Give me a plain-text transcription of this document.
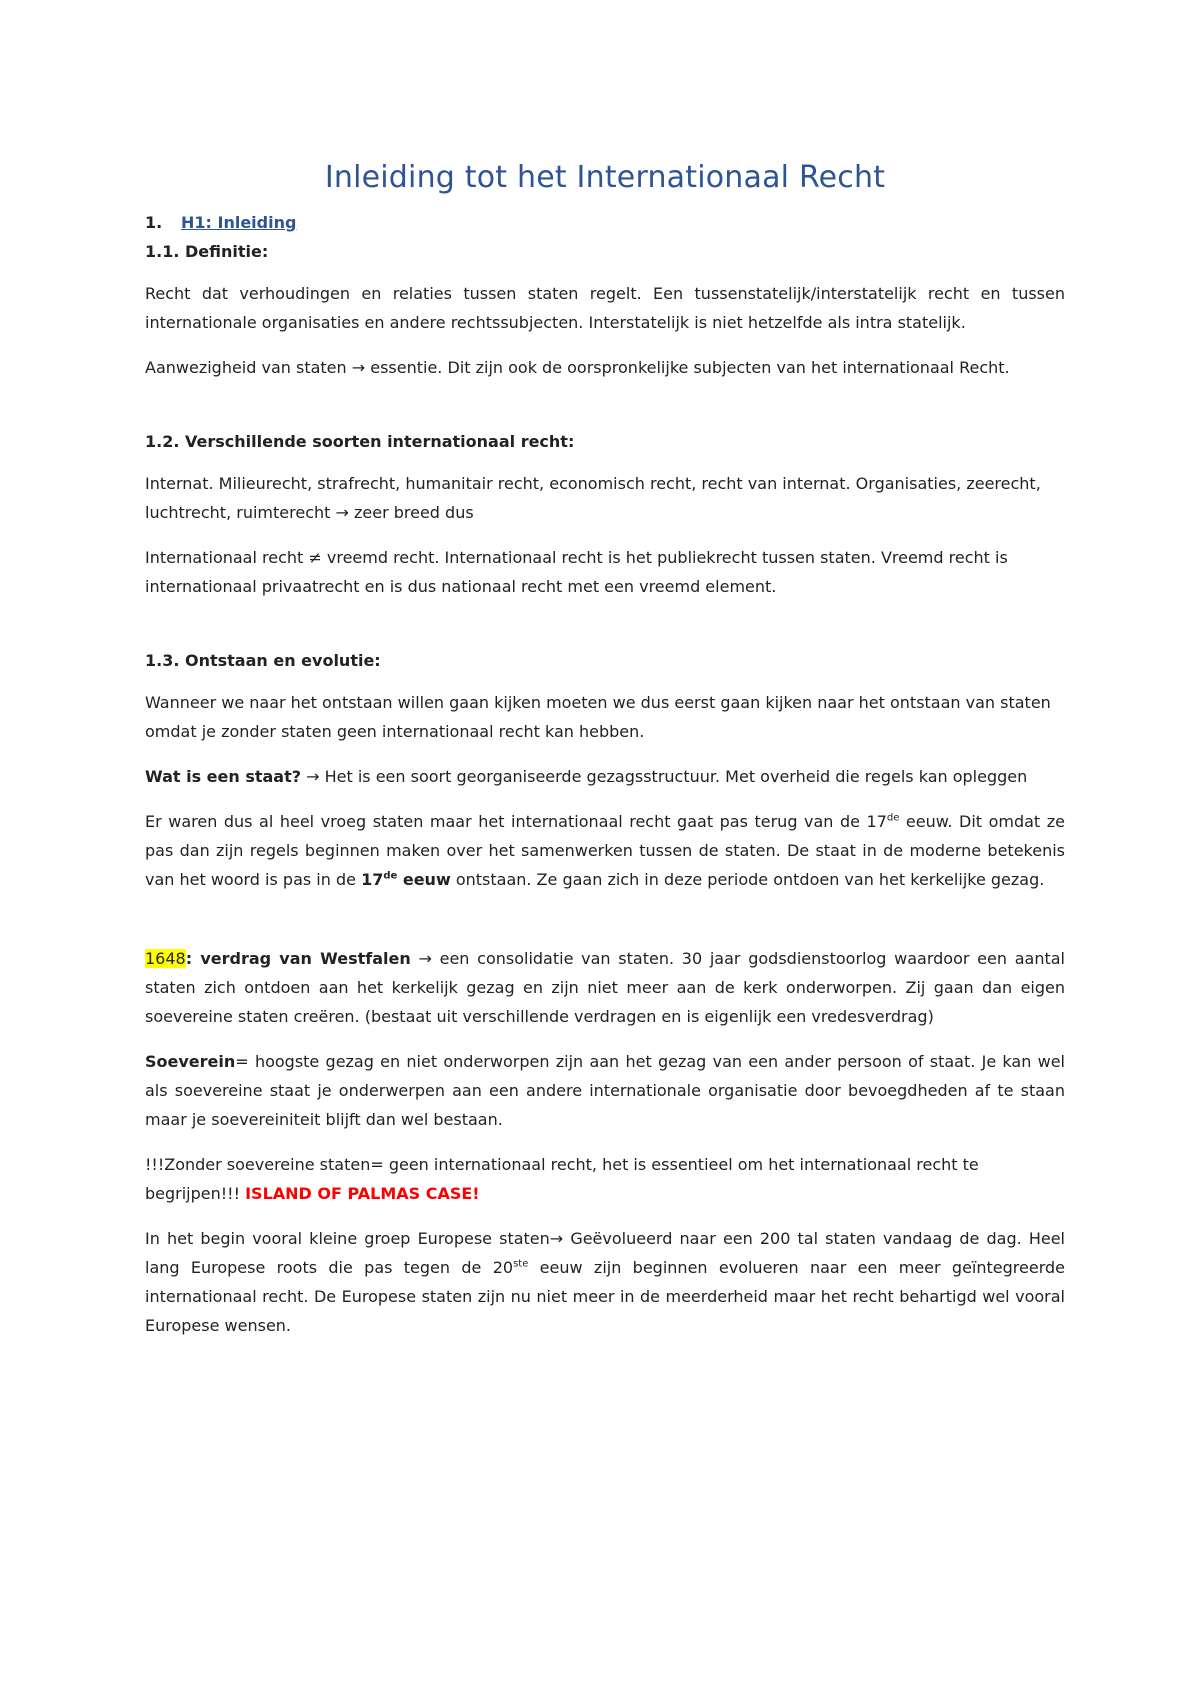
Inleiding tot het Internationaal Recht
1. H1: Inleiding
1.1. Definitie:

Recht dat verhoudingen en relaties tussen staten regelt. Een tussenstatelijk/interstatelijk recht en tussen internationale organisaties en andere rechtssubjecten. Interstatelijk is niet hetzelfde als intra statelijk.

Aanwezigheid van staten → essentie. Dit zijn ook de oorspronkelijke subjecten van het internationaal Recht.

1.2. Verschillende soorten internationaal recht:

Internat. Milieurecht, strafrecht, humanitair recht, economisch recht, recht van internat. Organisaties, zeerecht, luchtrecht, ruimterecht → zeer breed dus

Internationaal recht ≠ vreemd recht. Internationaal recht is het publiekrecht tussen staten. Vreemd recht is internationaal privaatrecht en is dus nationaal recht met een vreemd element.

1.3. Ontstaan en evolutie:

Wanneer we naar het ontstaan willen gaan kijken moeten we dus eerst gaan kijken naar het ontstaan van staten omdat je zonder staten geen internationaal recht kan hebben.

Wat is een staat? → Het is een soort georganiseerde gezagsstructuur. Met overheid die regels kan opleggen

Er waren dus al heel vroeg staten maar het internationaal recht gaat pas terug van de 17de eeuw. Dit omdat ze pas dan zijn regels beginnen maken over het samenwerken tussen de staten. De staat in de moderne betekenis van het woord is pas in de 17de eeuw ontstaan. Ze gaan zich in deze periode ontdoen van het kerkelijke gezag.

1648: verdrag van Westfalen → een consolidatie van staten. 30 jaar godsdienstoorlog waardoor een aantal staten zich ontdoen aan het kerkelijk gezag en zijn niet meer aan de kerk onderworpen. Zij gaan dan eigen soevereine staten creëren. (bestaat uit verschillende verdragen en is eigenlijk een vredesverdrag)

Soeverein= hoogste gezag en niet onderworpen zijn aan het gezag van een ander persoon of staat. Je kan wel als soevereine staat je onderwerpen aan een andere internationale organisatie door bevoegdheden af te staan maar je soevereiniteit blijft dan wel bestaan.

!!!Zonder soevereine staten= geen internationaal recht, het is essentieel om het internationaal recht te begrijpen!!! ISLAND OF PALMAS CASE!

In het begin vooral kleine groep Europese staten→ Geëvolueerd naar een 200 tal staten vandaag de dag. Heel lang Europese roots die pas tegen de 20ste eeuw zijn beginnen evolueren naar een meer geïntegreerde internationaal recht. De Europese staten zijn nu niet meer in de meerderheid maar het recht behartigd wel vooral Europese wensen.
